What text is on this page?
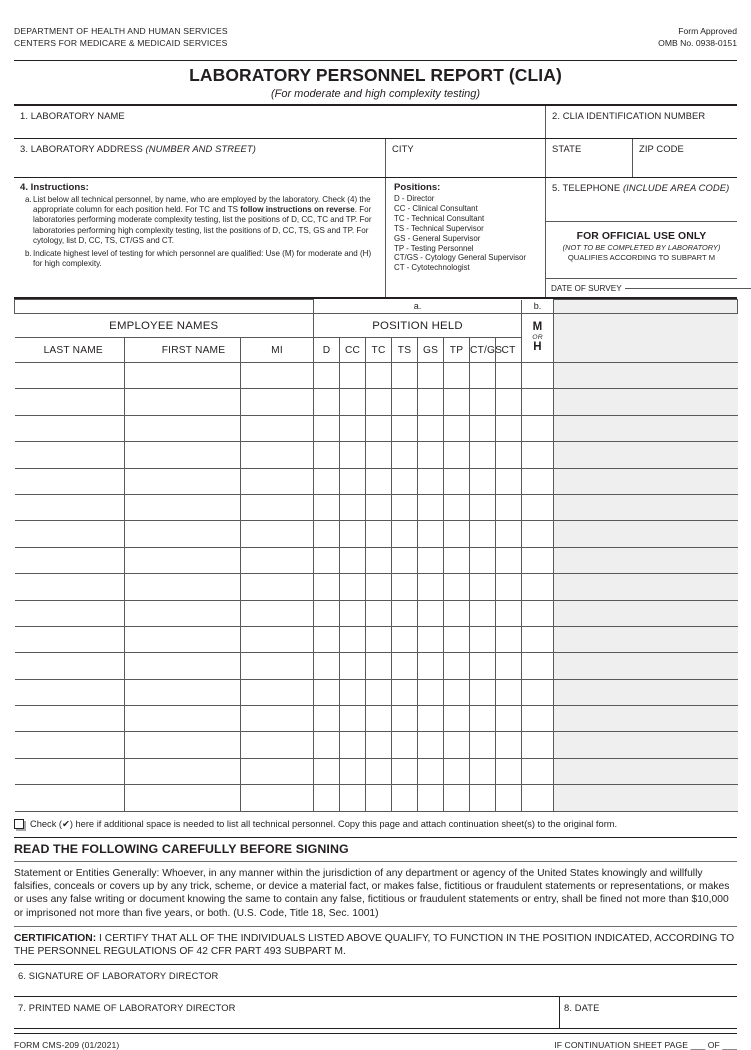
DEPARTMENT OF HEALTH AND HUMAN SERVICES
CENTERS FOR MEDICARE & MEDICAID SERVICES
Form Approved
OMB No. 0938-0151
LABORATORY PERSONNEL REPORT (CLIA)
(For moderate and high complexity testing)
1. LABORATORY NAME	2. CLIA IDENTIFICATION NUMBER
3. LABORATORY ADDRESS (NUMBER AND STREET)	CITY	STATE	ZIP CODE
4. Instructions:
a. List below all technical personnel, by name, who are employed by the laboratory. Check (4) the appropriate column for each position held. For TC and TS follow instructions on reverse. For laboratories performing moderate complexity testing, list the positions of D, CC, TC and TP. For laboratories performing high complexity testing, list the positions of D, CC, TS, GS and TP. For cytology, list D, CC, TS, CT/GS and CT.
b. Indicate highest level of testing for which personnel are qualified: Use (M) for moderate and (H) for high complexity.
Positions:
D - Director
CC - Clinical Consultant
TC - Technical Consultant
TS - Technical Supervisor
GS - General Supervisor
TP - Testing Personnel
CT/GS - Cytology General Supervisor
CT - Cytotechnologist
5. TELEPHONE (INCLUDE AREA CODE)
FOR OFFICIAL USE ONLY
(NOT TO BE COMPLETED BY LABORATORY)
QUALIFIES ACCORDING TO SUBPART M
DATE OF SURVEY
			a.								b.	
EMPLOYEE NAMES			POSITION HELD								M
OR
H	

LAST NAME	FIRST NAME	MI	D	CC	TC	TS	GS	TP	CT/GS	CT		

Check (✔) here if additional space is needed to list all technical personnel. Copy this page and attach continuation sheet(s) to the original form.
READ THE FOLLOWING CAREFULLY BEFORE SIGNING
Statement or Entities Generally: Whoever, in any manner within the jurisdiction of any department or agency of the United States knowingly and willfully falsifies, conceals or covers up by any trick, scheme, or device a material fact, or makes false, fictitious or fraudulent statements or representations, or makes or uses any false writing or document knowing the same to contain any false, fictitious or fraudulent statements or entry, shall be fined not more than $10,000 or imprisoned not more than five years, or both. (U.S. Code, Title 18, Sec. 1001)
CERTIFICATION: I CERTIFY THAT ALL OF THE INDIVIDUALS LISTED ABOVE QUALIFY, TO FUNCTION IN THE POSITION INDICATED, ACCORDING TO THE PERSONNEL REGULATIONS OF 42 CFR PART 493 SUBPART M.
6. SIGNATURE OF LABORATORY DIRECTOR
7. PRINTED NAME OF LABORATORY DIRECTOR	8. DATE
FORM CMS-209 (01/2021)	IF CONTINUATION SHEET PAGE ___ OF ___
